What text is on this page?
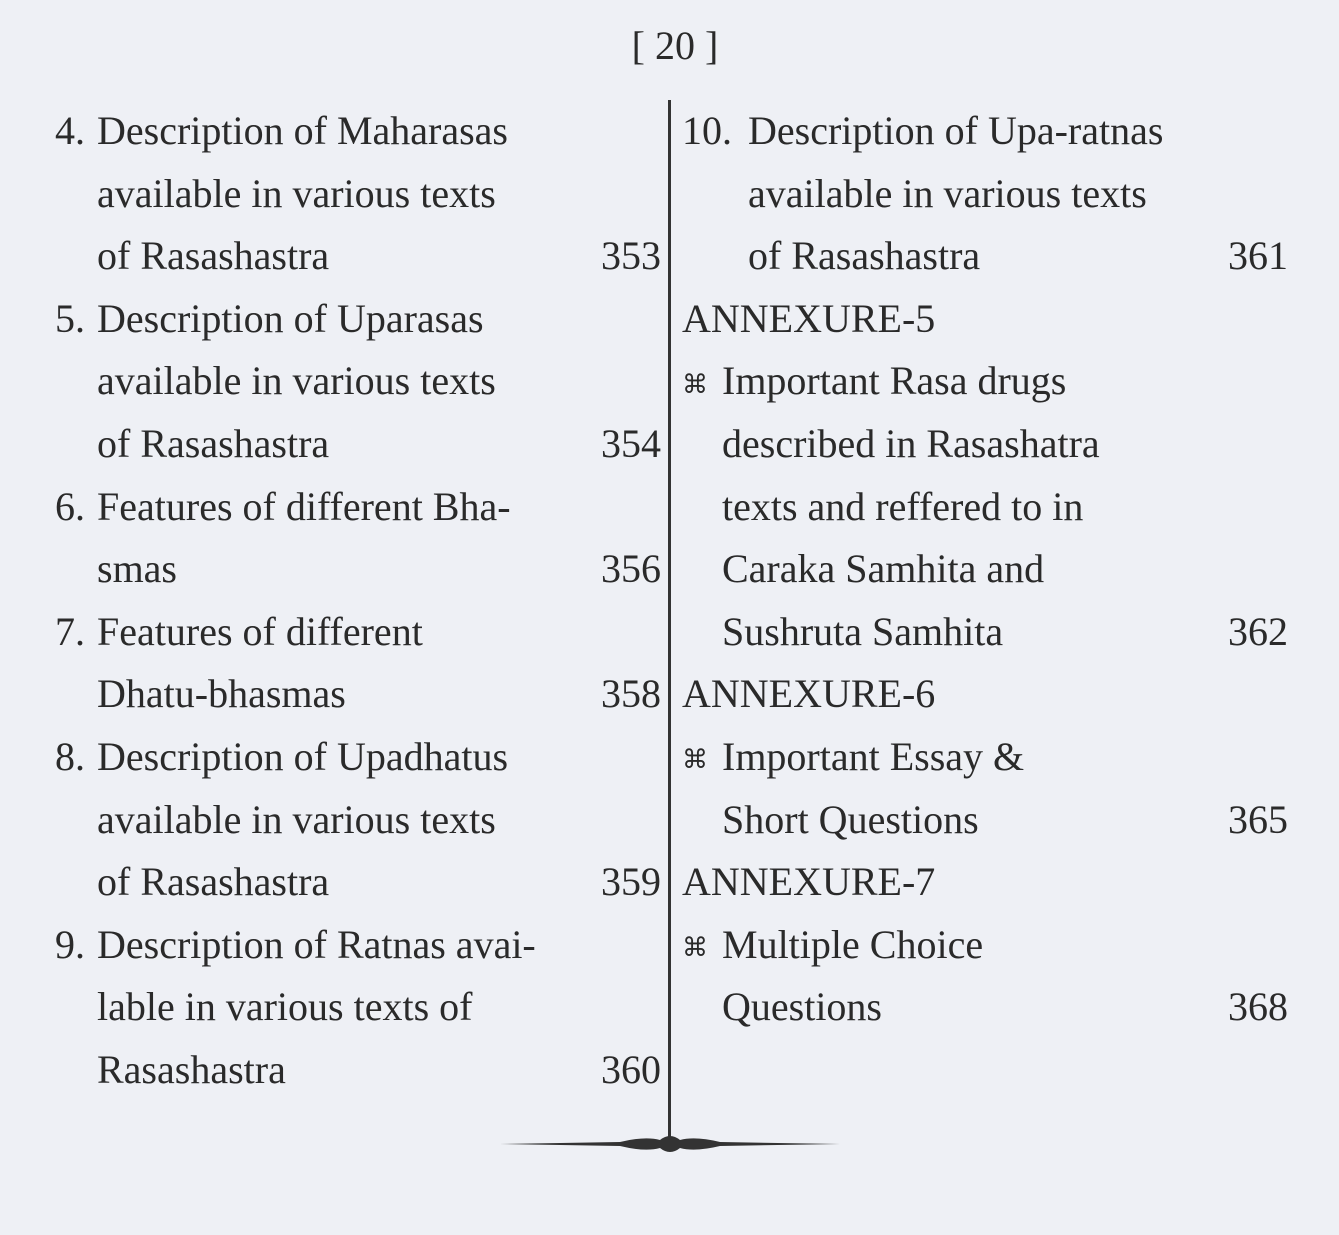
[ 20 ]
4. Description of Maharasas
available in various texts
of Rasashastra	353
5. Description of Uparasas
available in various texts
of Rasashastra	354
6. Features of different Bha-
smas	356
7. Features of different
Dhatu-bhasmas	358
8. Description of Upadhatus
available in various texts
of Rasashastra	359
9. Description of Ratnas avai-
lable in various texts of
Rasashastra	360
10. Description of Upa-ratnas
available in various texts
of Rasashastra	361
ANNEXURE-5
⌘ Important Rasa drugs
described in Rasashatra
texts and reffered to in
Caraka Samhita and
Sushruta Samhita	362
ANNEXURE-6
⌘ Important Essay &
Short Questions	365
ANNEXURE-7
⌘ Multiple Choice
Questions	368
